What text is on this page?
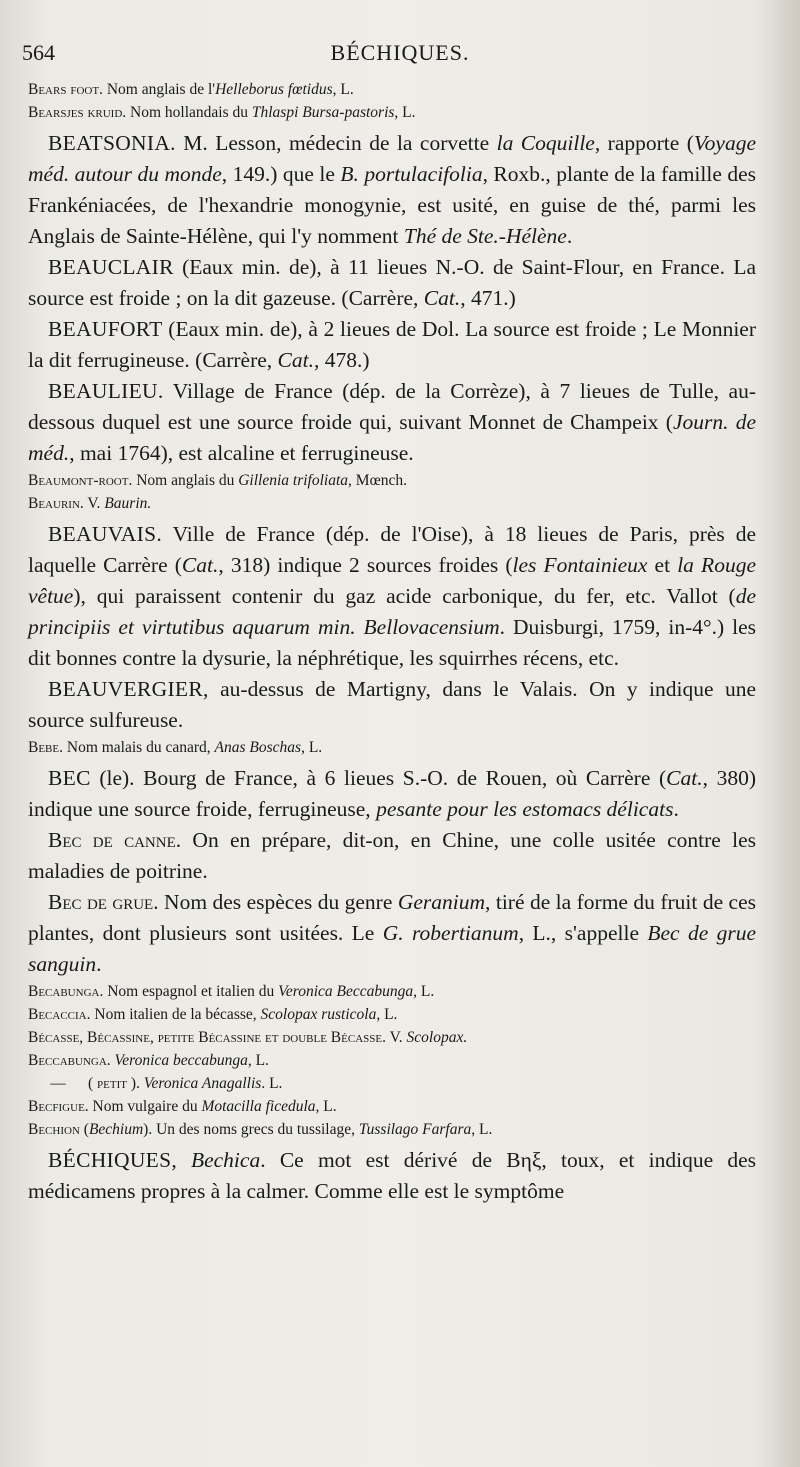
564	BÉCHIQUES.

Bears foot. Nom anglais de l'Helleborus fœtidus, L.

Bearsjes kruid. Nom hollandais du Thlaspi Bursa-pastoris, L.

BEATSONIA. M. Lesson, médecin de la corvette la Coquille, rapporte (Voyage méd. autour du monde, 149.) que le B. portulacifolia, Roxb., plante de la famille des Frankéniacées, de l'hexandrie monogynie, est usité, en guise de thé, parmi les Anglais de Sainte-Hélène, qui l'y nomment Thé de Ste.-Hélène.

BEAUCLAIR (Eaux min. de), à 11 lieues N.-O. de Saint-Flour, en France. La source est froide ; on la dit gazeuse. (Carrère, Cat., 471.)

BEAUFORT (Eaux min. de), à 2 lieues de Dol. La source est froide ; Le Monnier la dit ferrugineuse. (Carrère, Cat., 478.)

BEAULIEU. Village de France (dép. de la Corrèze), à 7 lieues de Tulle, au-dessous duquel est une source froide qui, suivant Monnet de Champeix (Journ. de méd., mai 1764), est alcaline et ferrugineuse.

Beaumont-root. Nom anglais du Gillenia trifoliata, Mœnch.

Beaurin. V. Baurin.

BEAUVAIS. Ville de France (dép. de l'Oise), à 18 lieues de Paris, près de laquelle Carrère (Cat., 318) indique 2 sources froides (les Fontainieux et la Rouge vêtue), qui paraissent contenir du gaz acide carbonique, du fer, etc. Vallot (de principiis et virtutibus aquarum min. Bellovacensium. Duisburgi, 1759, in-4°.) les dit bonnes contre la dysurie, la néphrétique, les squirrhes récens, etc.

BEAUVERGIER, au-dessus de Martigny, dans le Valais. On y indique une source sulfureuse.

Bebe. Nom malais du canard, Anas Boschas, L.

BEC (le). Bourg de France, à 6 lieues S.-O. de Rouen, où Carrère (Cat., 380) indique une source froide, ferrugineuse, pesante pour les estomacs délicats.

Bec de canne. On en prépare, dit-on, en Chine, une colle usitée contre les maladies de poitrine.

Bec de grue. Nom des espèces du genre Geranium, tiré de la forme du fruit de ces plantes, dont plusieurs sont usitées. Le G. robertianum, L., s'appelle Bec de grue sanguin.

Becabunga. Nom espagnol et italien du Veronica Beccabunga, L.

Becaccia. Nom italien de la bécasse, Scolopax rusticola, L.

Bécasse, Bécassine, petite Bécassine et double Bécasse. V. Scolopax.

Beccabunga. Veronica beccabunga, L.

—( petit ). Veronica Anagallis. L.

Becfigue. Nom vulgaire du Motacilla ficedula, L.

Bechion (Bechium). Un des noms grecs du tussilage, Tussilago Farfara, L.

BÉCHIQUES, Bechica. Ce mot est dérivé de Βηξ, toux, et indique des médicamens propres à la calmer. Comme elle est le symptôme
